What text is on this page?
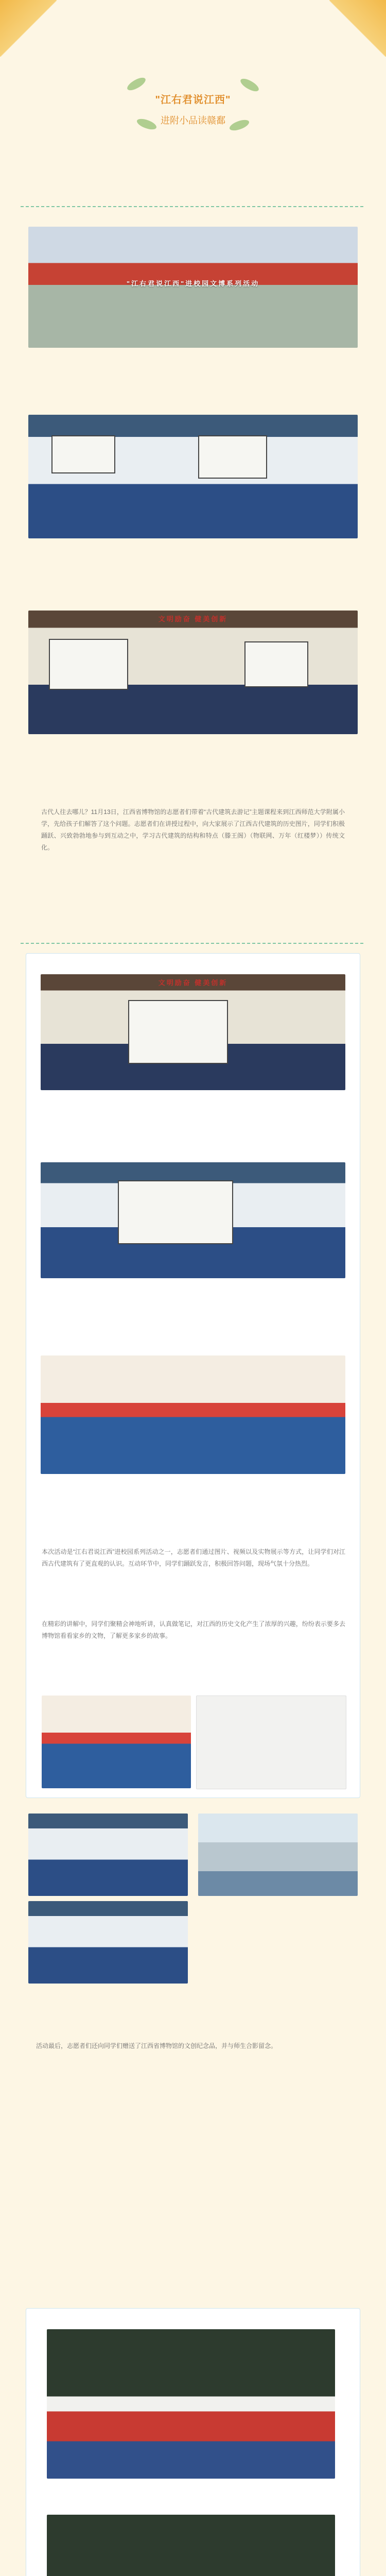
"江右君说江西"
进附小品读赣鄱
"江右君说江西"进校园文博系列活动
文明励奋 健美创新
古代人往去哪儿？11月13日，江西省博物馆的志愿者们带着“古代建筑去游记”主题课程来到江西师范大学附属小学，先给孩子们解答了这个问题。志愿者们在讲授过程中，向大家展示了江西古代建筑的历史图片，同学们积极踊跃、兴致勃勃地参与到互动之中，学习古代建筑的结构和特点（滕王阁）（物联网、万年（红楼梦））传统文化。
文明励奋 健美创新
本次活动是“江右君说江西”进校园系列活动之一，志愿者们通过图片、视频以及实物展示等方式，让同学们对江西古代建筑有了更直观的认识。互动环节中，同学们踊跃发言，积极回答问题，现场气氛十分热烈。
在精彩的讲解中，同学们聚精会神地听讲，认真做笔记，对江西的历史文化产生了浓厚的兴趣，纷纷表示要多去博物馆看看家乡的文物，了解更多家乡的故事。
活动最后，志愿者们还向同学们赠送了江西省博物馆的文创纪念品，并与师生合影留念。
